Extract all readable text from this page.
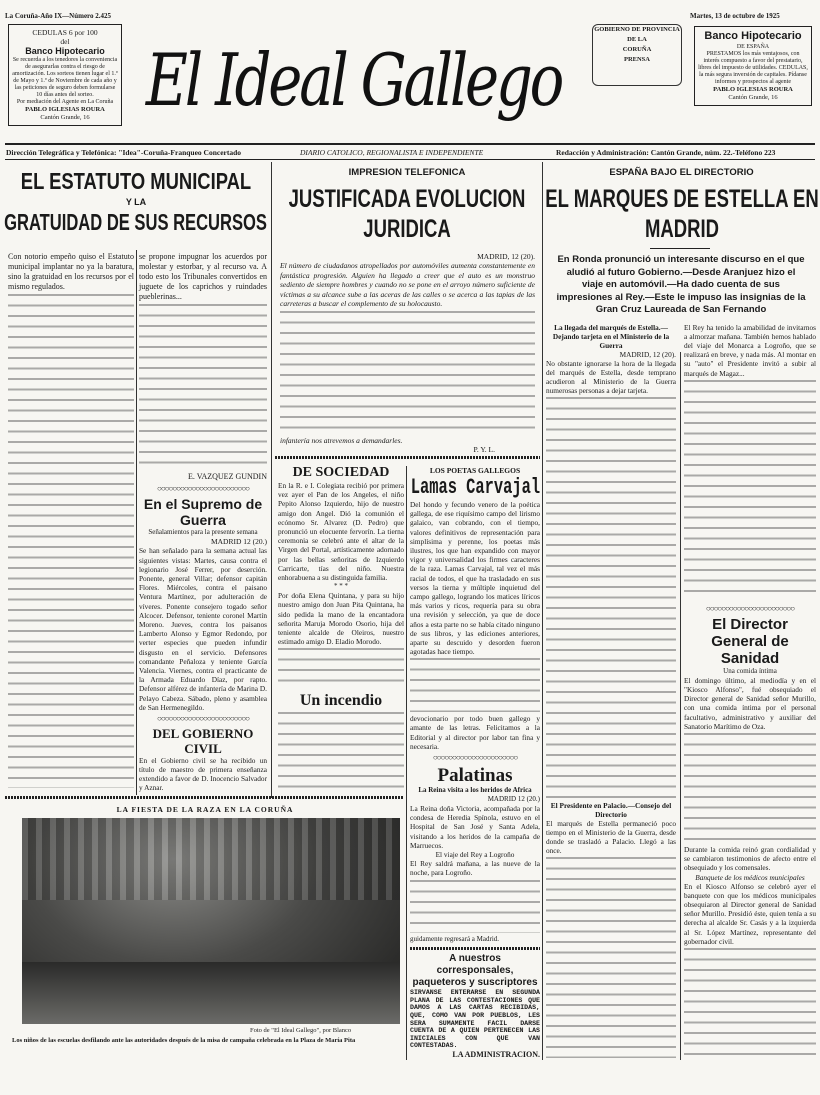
La Coruña-Año IX—Número 2.425	Martes, 13 de octubre de 1925
CEDULAS 6 por 100
del
Banco Hipotecario
Se recuerda a los tenedores la conveniencia de asegurarlas contra el riesgo de amortización. Los sorteos tienen lugar el 1.º de Mayo y 1.º de Noviembre de cada año y las peticiones de seguro deben formularse 10 días antes del sorteo.
Por mediación del Agente en La Coruña
PABLO IGLESIAS ROURA
Cantón Grande, 16 El Ideal Gallego
GOBIERNO DE PROVINCIA
DE LA
CORUÑA
PRENSA
Banco Hipotecario
DE ESPAÑA
PRESTAMOS los más ventajosos, con interés compuesto a favor del prestatario, libres del impuesto de utilidades. CEDULAS, la más segura inversión de capitales. Pídanse informes y prospectos al agente
PABLO IGLESIAS ROURA
Cantón Grande, 16
Dirección Telegráfica y Telefónica: "Idea"-Coruña-Franqueo Concertado	DIARIO CATOLICO, REGIONALISTA E INDEPENDIENTE	Redacción y Administración: Cantón Grande, núm. 22.-Teléfono 223
EL ESTATUTO MUNICIPAL
Y LA
GRATUIDAD DE SUS RECURSOS
Con notorio empeño quiso el Estatuto municipal implantar no ya la baratura, sino la gratuidad en los recursos por el mismo regulados.
se propone impugnar los acuerdos por molestar y estorbar, y al recurso va. A todo esto los Tribunales convertidos en juguete de los caprichos y ruindades pueblerinas...
E. VAZQUEZ GUNDIN
○○○○○○○○○○○○○○○○○○○○○○○○
En el Supremo de Guerra
Señalamientos para la presente semana
MADRID 12 (20.)
Se han señalado para la semana actual las siguientes vistas: Martes, causa contra el legionario José Ferrer, por deserción. Ponente, general Villar; defensor capitán Flores. Miércoles, contra el paisano Ventura Martínez, por adulteración de víveres. Ponente consejero togado señor Alcocer. Defensor, teniente coronel Martín Moreno. Jueves, contra los paisanos Lamberto Alonso y Egmor Redondo, por verter especies que pueden infundir disgusto en el servicio. Defensores comandante Peñaloza y teniente García Valencia. Viernes, contra el practicante de la Armada Eduardo Díaz, por rapto. Defensor alférez de infantería de Marina D. Pelayo Cabeza. Sábado, pleno y asamblea de San Hermenegildo.
○○○○○○○○○○○○○○○○○○○○○○○○
DEL GOBIERNO CIVIL
En el Gobierno civil se ha recibido un título de maestro de primera enseñanza extendido a favor de D. Inocencio Salvador y Aznar.
IMPRESION TELEFONICA
JUSTIFICADA EVOLUCION JURIDICA
MADRID, 12 (20).
El número de ciudadanos atropellados por automóviles aumenta constantemente en fantástica progresión. Alguien ha llegado a creer que el auto es un monstruo sediento de siempre hombres y cuando no se pone en el arroyo número suficiente de víctimas a su alcance sube a las aceras de las calles o se acerca a las tapias de las carreteras a buscar el complemento de su holocausto.
infantería nos atrevemos a demandarles.
P. Y. L.
DE SOCIEDAD
En la R. e I. Colegiata recibió por primera vez ayer el Pan de los Angeles, el niño Pepito Alonso Izquierdo, hijo de nuestro amigo don Angel. Dió la comunión el ecónomo Sr. Alvarez (D. Pedro) que pronunció un elocuente fervorín. La tierna ceremonia se celebró ante el altar de la Virgen del Portal, artísticamente adornado por las bellas señoritas de Izquierdo Carricarte, tías del niño. Nuestra enhorabuena a su distinguida familia.
* * *
Por doña Elena Quintana, y para su hijo nuestro amigo don Juan Pita Quintana, ha sido pedida la mano de la encantadora señorita Maruja Morodo Osorio, hija del teniente alcalde de Oleiros, nuestro estimado amigo D. Eladio Morodo.
Un incendio
LOS POETAS GALLEGOS
Lamas Carvajal
Del hondo y fecundo venero de la poética gallega, de ese riquísimo campo del lirismo galaico, van cobrando, con el tiempo, valores definitivos de representación para simplísima y perenne, los poetas más ilustres, los que han expandido con mayor vigor y universalidad los firmes caracteres de la raza. Lamas Carvajal, tal vez el más racial de todos, el que ha trasladado en sus versos la tierna y múltiple inquietud del campo gallego, logrando los matices líricos más varios y ricos, requería para su obra una revisión y selección, ya que de doce años a esta parte no se había citado ninguno de sus libros, y las ediciones anteriores, aparte su descuido y desorden fueron agotadas hace tiempo.
devocionario por todo buen gallego y amante de las letras. Felicitamos a la Editorial y al director por labor tan fina y necesaria.
○○○○○○○○○○○○○○○○○○○○○○
Palatinas
La Reina visita a los heridos de Africa
MADRID 12 (20.)
La Reina doña Victoria, acompañada por la condesa de Heredia Spínola, estuvo en el Hospital de San José y Santa Adela, visitando a los heridos de la campaña de Marruecos.
El viaje del Rey a Logroño
El Rey saldrá mañana, a las nueve de la noche, para Logroño.
guidamente regresará a Madrid.
A nuestros corresponsales,
paqueteros y suscriptores
SIRVANSE ENTERARSE EN SEGUNDA PLANA DE LAS CONTESTACIONES QUE DAMOS A LAS CARTAS RECIBIDAS, QUE, COMO VAN POR PUEBLOS, LES SERA SUMAMENTE FACIL DARSE CUENTA DE A QUIEN PERTENECEN LAS INICIALES CON QUE VAN CONTESTADAS.
LA ADMINISTRACION.
LA FIESTA DE LA RAZA EN LA CORUÑA
Foto de "El Ideal Gallego", por Blanco
Los niños de las escuelas desfilando ante las autoridades después de la misa de campaña celebrada en la Plaza de María Pita
ESPAÑA BAJO EL DIRECTORIO
EL MARQUES DE ESTELLA EN MADRID
En Ronda pronunció un interesante discurso en el que aludió al futuro Gobierno.—Desde Aranjuez hizo el viaje en automóvil.—Ha dado cuenta de sus impresiones al Rey.—Este le impuso las insignias de la Gran Cruz Laureada de San Fernando
La llegada del marqués de Estella.—Dejando tarjeta en el Ministerio de la Guerra
MADRID, 12 (20).
No obstante ignorarse la hora de la llegada del marqués de Estella, desde temprano acudieron al Ministerio de la Guerra numerosas personas a dejar tarjeta.
El Presidente en Palacio.—Consejo del Directorio
El marqués de Estella permaneció poco tiempo en el Ministerio de la Guerra, desde donde se trasladó a Palacio. Llegó a las once.
El Rey ha tenido la amabilidad de invitarnos a almorzar mañana. También hemos hablado del viaje del Monarca a Logroño, que se realizará en breve, y nada más. Al montar en su "auto" el Presidente invitó a subir al marqués de Magaz...
○○○○○○○○○○○○○○○○○○○○○○○
El Director General de Sanidad
Una comida íntima
El domingo último, al mediodía y en el "Kiosco Alfonso", fué obsequiado el Director general de Sanidad señor Murillo, con una comida íntima por el personal facultativo, administrativo y auxiliar del Sanatorio Marítimo de Oza.
Durante la comida reinó gran cordialidad y se cambiaron testimonios de afecto entre el obsequiado y los comensales.
Banquete de los médicos municipales
En el Kiosco Alfonso se celebró ayer el banquete con que los médicos municipales obsequiaron al Director general de Sanidad señor Murillo. Presidió éste, quien tenía a su derecha al alcalde Sr. Casás y a la izquierda al Sr. López Martínez, representante del gobernador civil.
